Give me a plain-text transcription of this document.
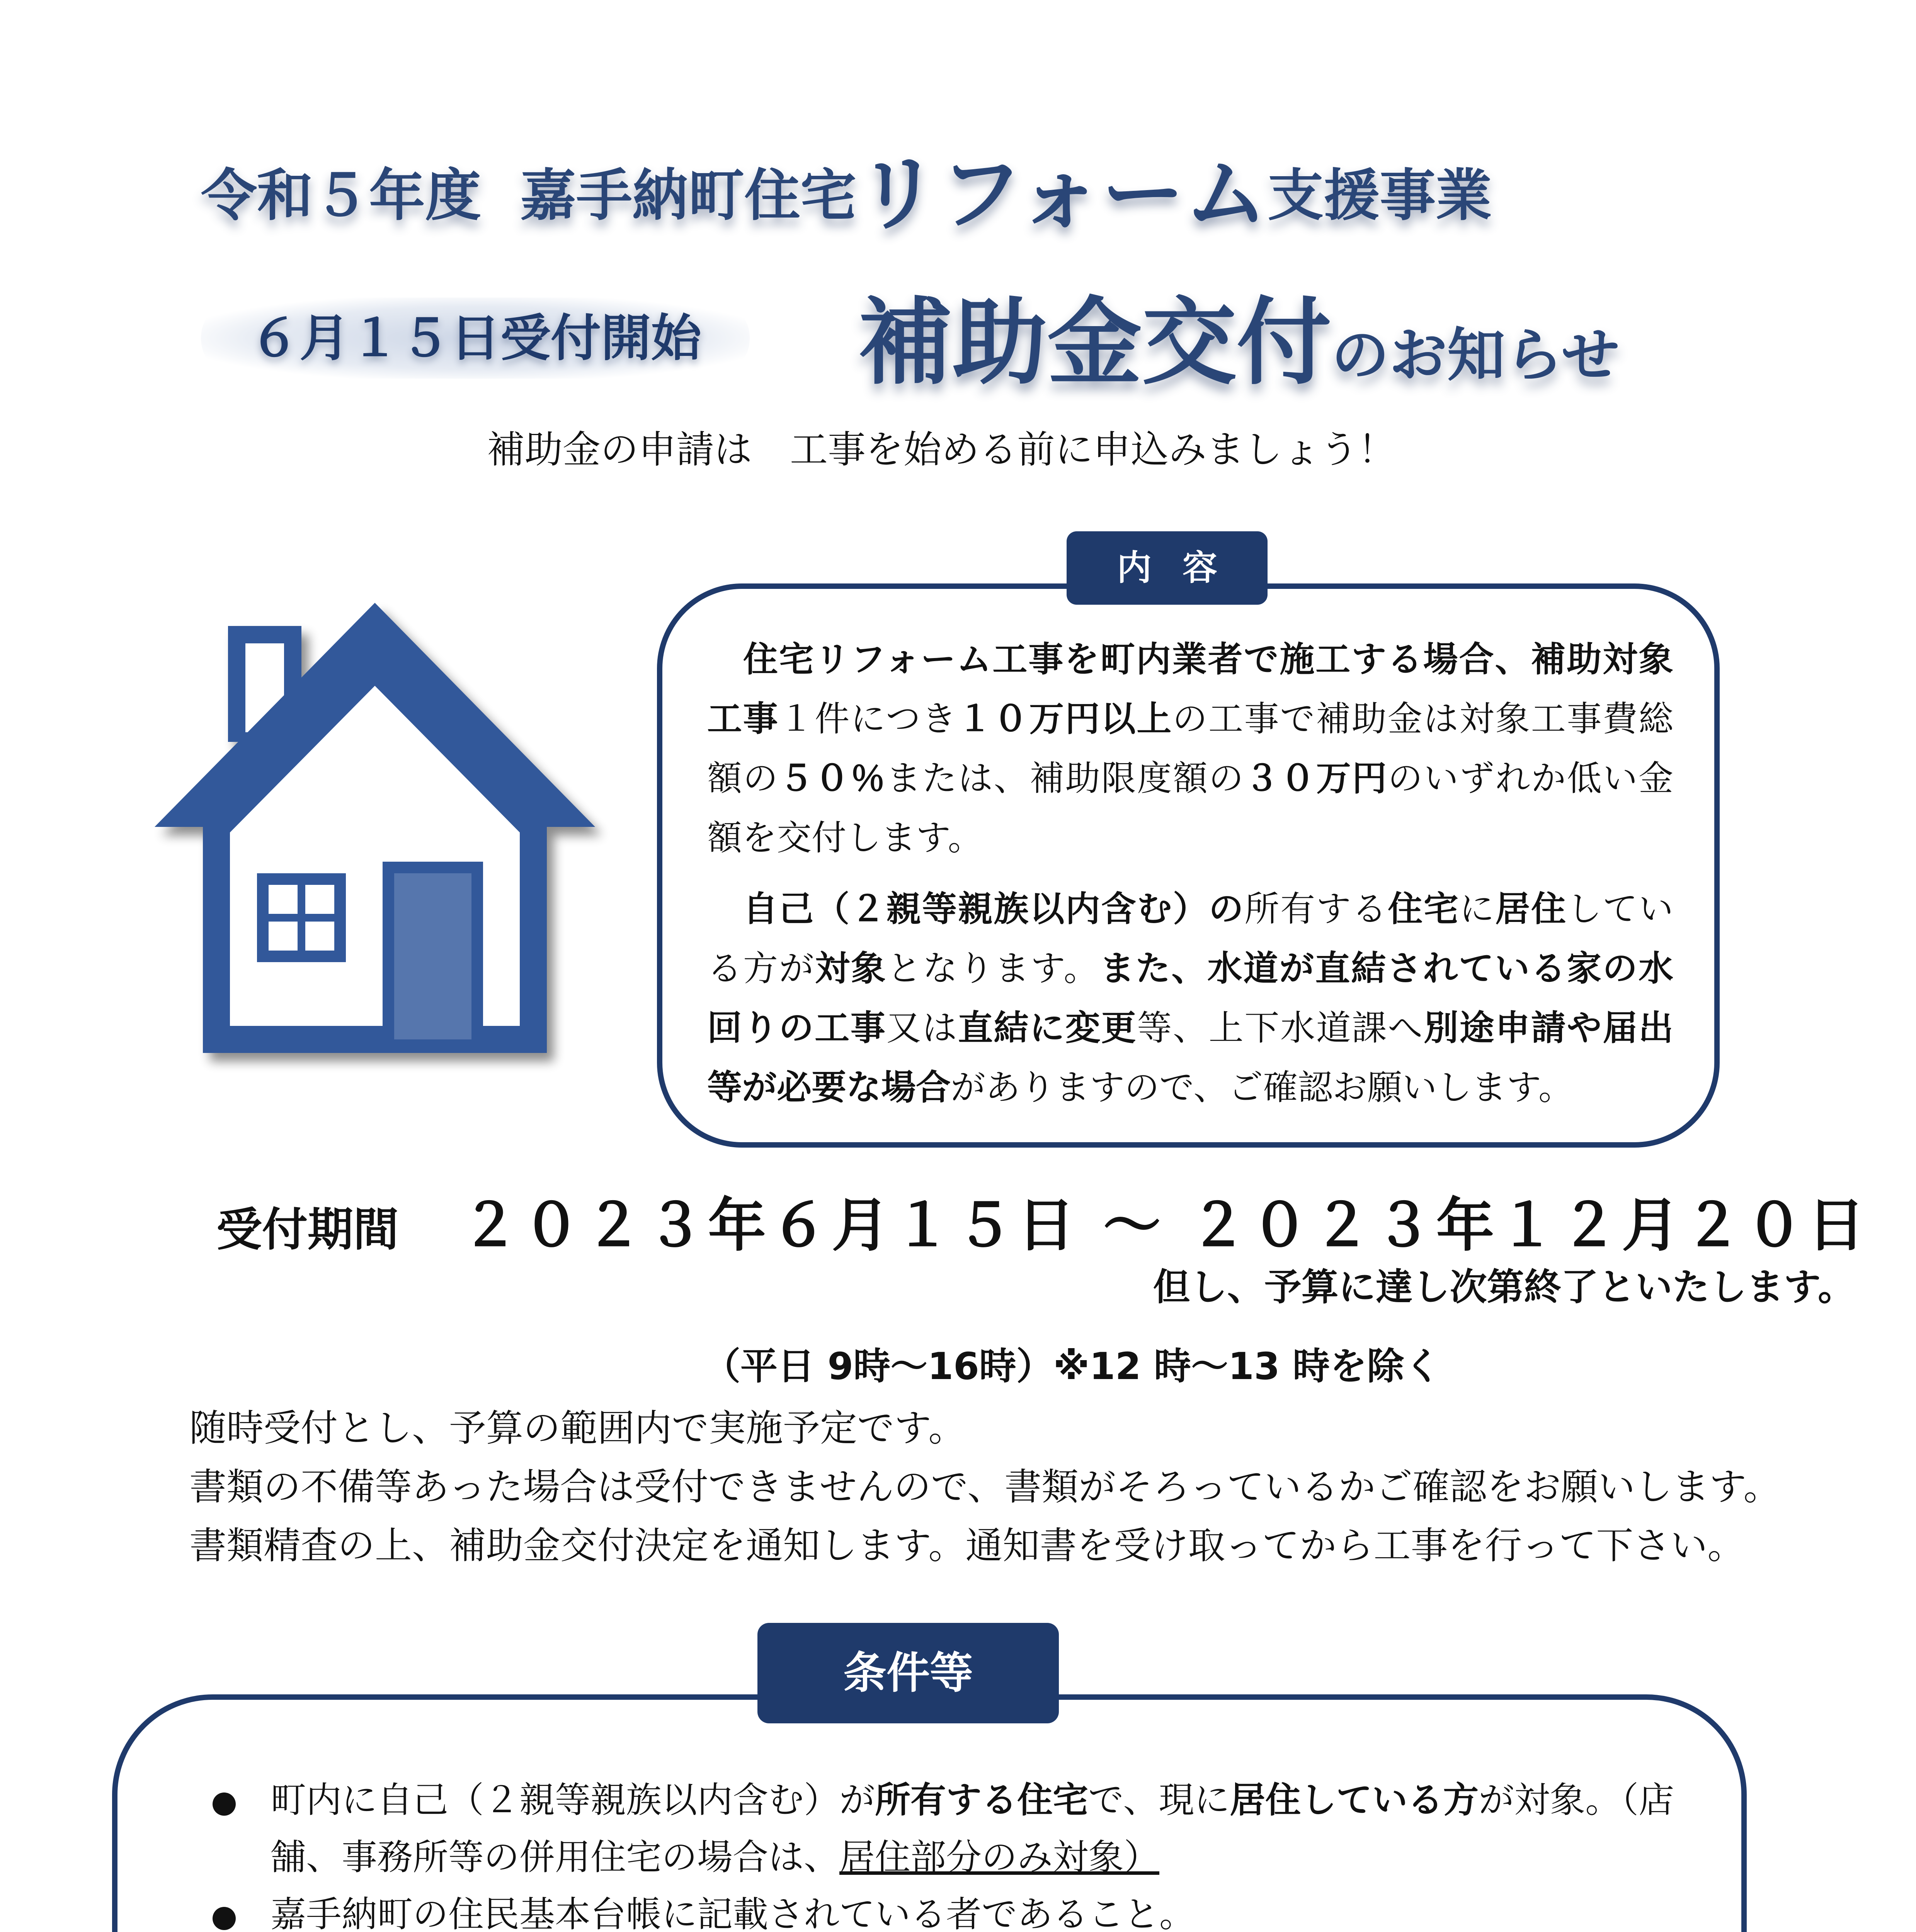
令和５年度 嘉手納町住宅リフォーム支援事業
６月１５日受付開始	補助金交付のお知らせ
補助金の申請は　工事を始める前に申込みましょう！
内容

　住宅リフォーム工事を町内業者で施工する場合、補助対象工事１件につき１０万円以上の工事で補助金は対象工事費総額の５０％または、補助限度額の３０万円のいずれか低い金額を交付します。

　自己（２親等親族以内含む）の所有する住宅に居住している方が対象となります。また、水道が直結されている家の水回りの工事又は直結に変更等、上下水道課へ別途申請や届出等が必要な場合がありますので、ご確認お願いします。

受付期間 ２０２３年６月１５日 ～ ２０２３年１２月２０日
但し、予算に達し次第終了といたします。
（平日 9時～16時）※12 時～13 時を除く

随時受付とし、予算の範囲内で実施予定です。

書類の不備等あった場合は受付できませんので、書類がそろっているかご確認をお願いします。

書類精査の上、補助金交付決定を通知します。通知書を受け取ってから工事を行って下さい。

条件等
町内に自己（２親等親族以内含む）が所有する住宅で、現に居住している方が対象。（店舗、事務所等の併用住宅の場合は、居住部分のみ対象）
嘉手納町の住民基本台帳に記載されている者であること。
